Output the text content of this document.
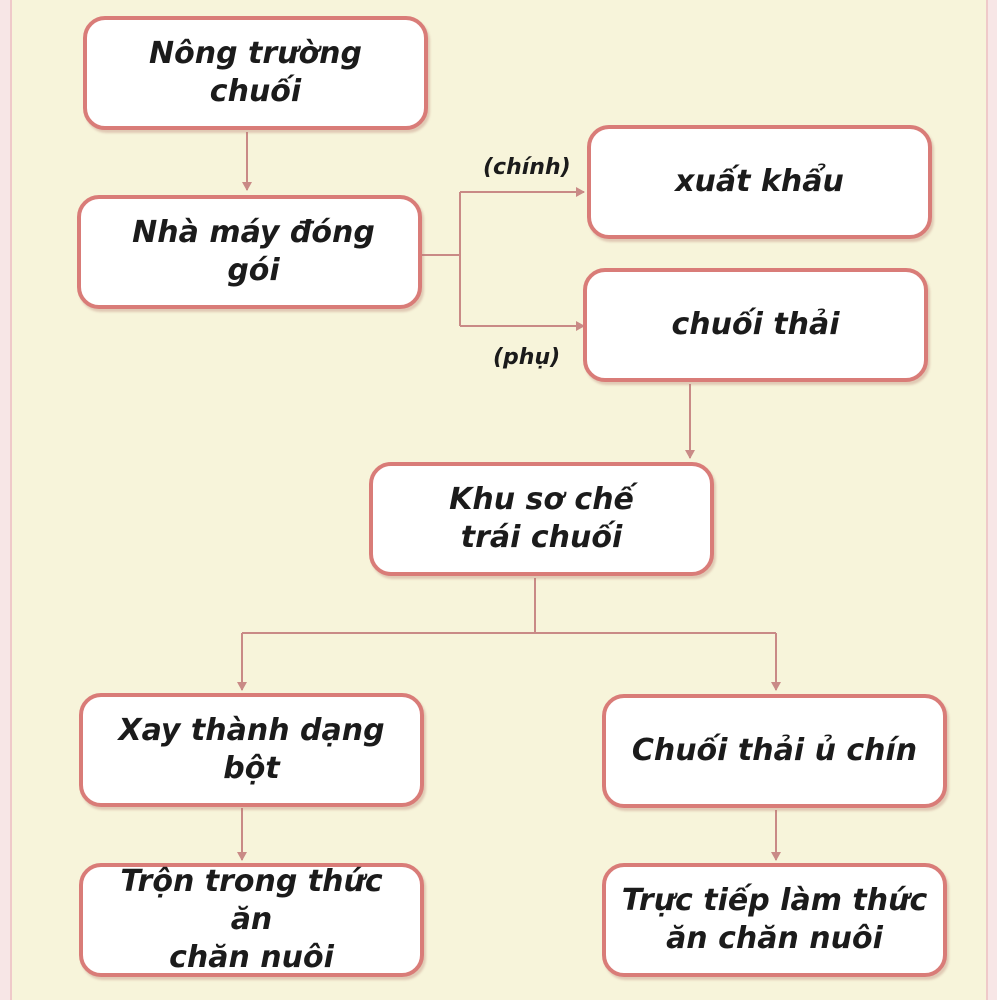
Nông trường chuối
Nhà máy đóng gói
xuất khẩu
chuối thải
Khu sơ chế
trái chuối
Xay thành dạng bột
Chuối thải ủ chín
Trộn trong thức ăn
chăn nuôi
Trực tiếp làm thức
ăn chăn nuôi
(chính)
(phụ)
